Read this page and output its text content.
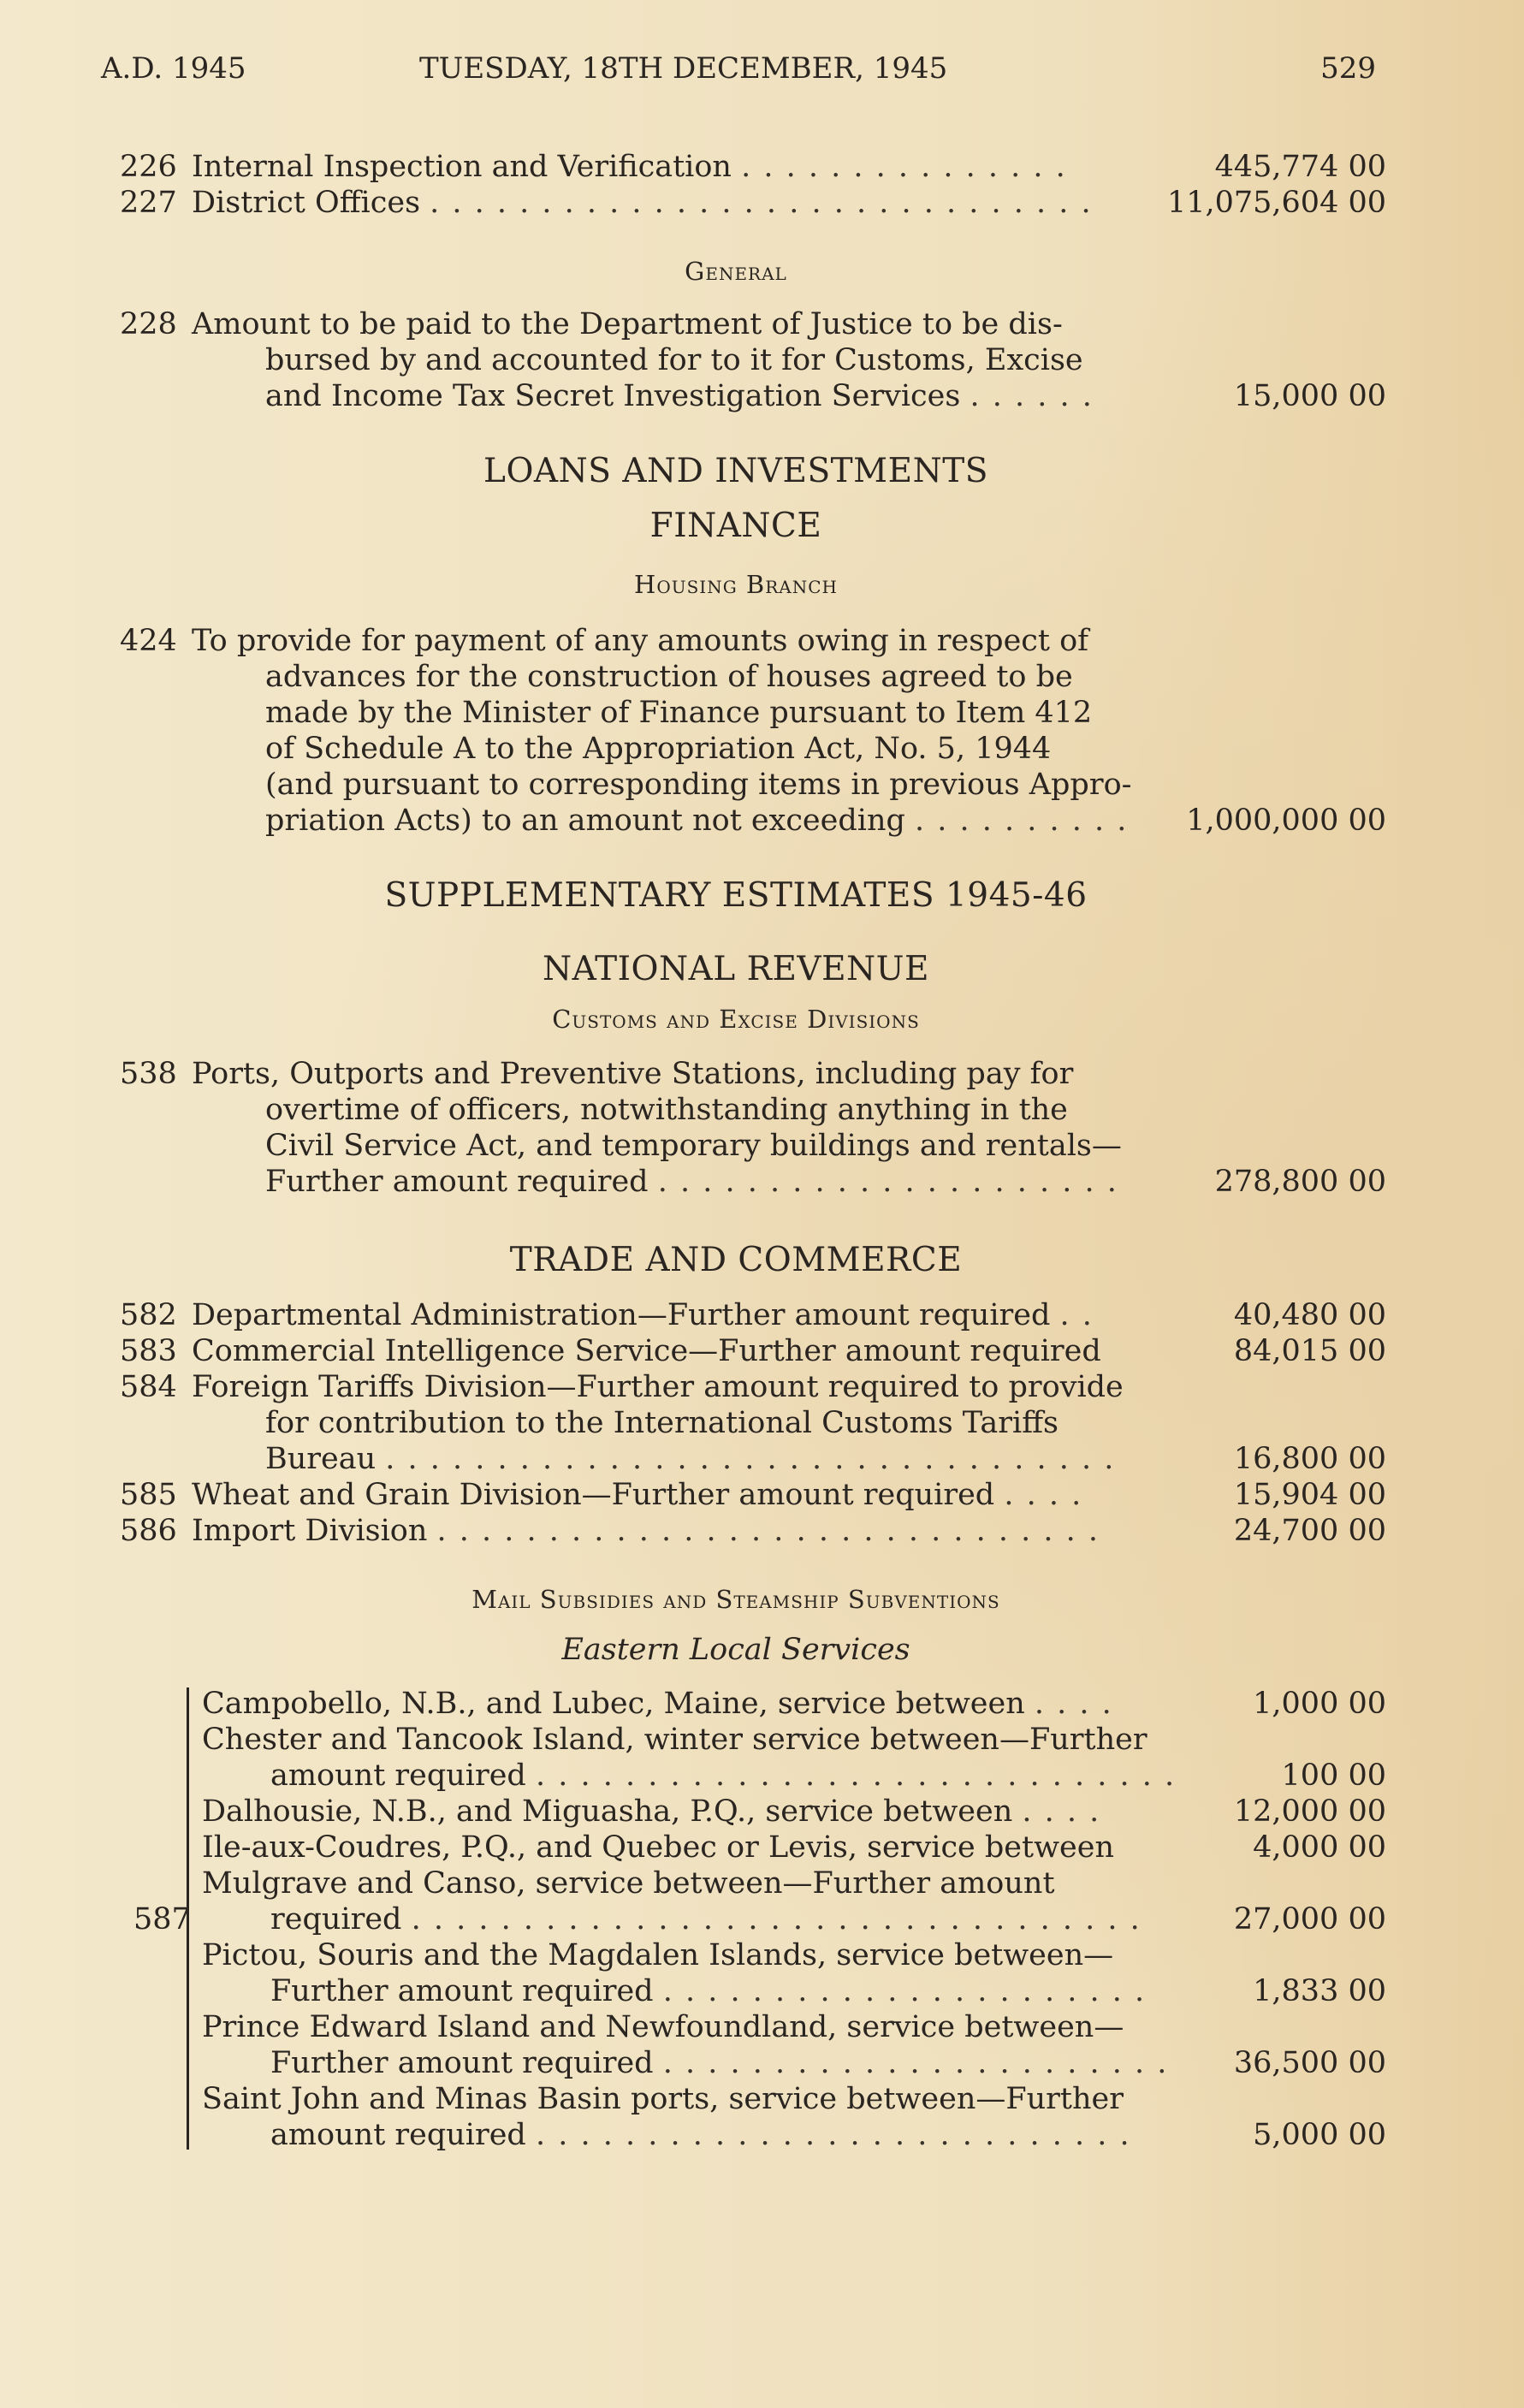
A.D. 1945	TUESDAY, 18TH DECEMBER, 1945	529
226 Internal Inspection and Verification . . . . . . . . . . . . . . .	445,774 00
227 District Offices . . . . . . . . . . . . . . . . . . . . . . . . . . . . . . 11,075,604 00
General
228 Amount to be paid to the Department of Justice to be dis-
bursed by and accounted for to it for Customs, Excise
and Income Tax Secret Investigation Services . . . . . .	15,000 00
LOANS AND INVESTMENTS
FINANCE
Housing Branch
424 To provide for payment of any amounts owing in respect of
advances for the construction of houses agreed to be
made by the Minister of Finance pursuant to Item 412
of Schedule A to the Appropriation Act, No. 5, 1944
(and pursuant to corresponding items in previous Appro-
priation Acts) to an amount not exceeding . . . . . . . . . . 1,000,000 00
SUPPLEMENTARY ESTIMATES 1945-46
NATIONAL REVENUE
Customs and Excise Divisions
538 Ports, Outports and Preventive Stations, including pay for
overtime of officers, notwithstanding anything in the
Civil Service Act, and temporary buildings and rentals—
Further amount required . . . . . . . . . . . . . . . . . . . . .	278,800 00
TRADE AND COMMERCE
582 Departmental Administration—Further amount required . .	40,480 00
583 Commercial Intelligence Service—Further amount required	84,015 00
584 Foreign Tariffs Division—Further amount required to provide
for contribution to the International Customs Tariffs
Bureau . . . . . . . . . . . . . . . . . . . . . . . . . . . . . . . . .	16,800 00
585 Wheat and Grain Division—Further amount required . . . .	15,904 00
586 Import Division . . . . . . . . . . . . . . . . . . . . . . . . . . . . . .	24,700 00
Mail Subsidies and Steamship Subventions
Eastern Local Services
587
Campobello, N.B., and Lubec, Maine, service between . . . .	1,000 00
Chester and Tancook Island, winter service between—Further
amount required . . . . . . . . . . . . . . . . . . . . . . . . . . . . .	100 00
Dalhousie, N.B., and Miguasha, P.Q., service between . . . .	12,000 00
Ile-aux-Coudres, P.Q., and Quebec or Levis, service between	4,000 00
Mulgrave and Canso, service between—Further amount
required . . . . . . . . . . . . . . . . . . . . . . . . . . . . . . . . .	27,000 00
Pictou, Souris and the Magdalen Islands, service between—
Further amount required . . . . . . . . . . . . . . . . . . . . . .	1,833 00
Prince Edward Island and Newfoundland, service between—
Further amount required . . . . . . . . . . . . . . . . . . . . . . . 36,500 00
Saint John and Minas Basin ports, service between—Further
amount required . . . . . . . . . . . . . . . . . . . . . . . . . . .	5,000 00
